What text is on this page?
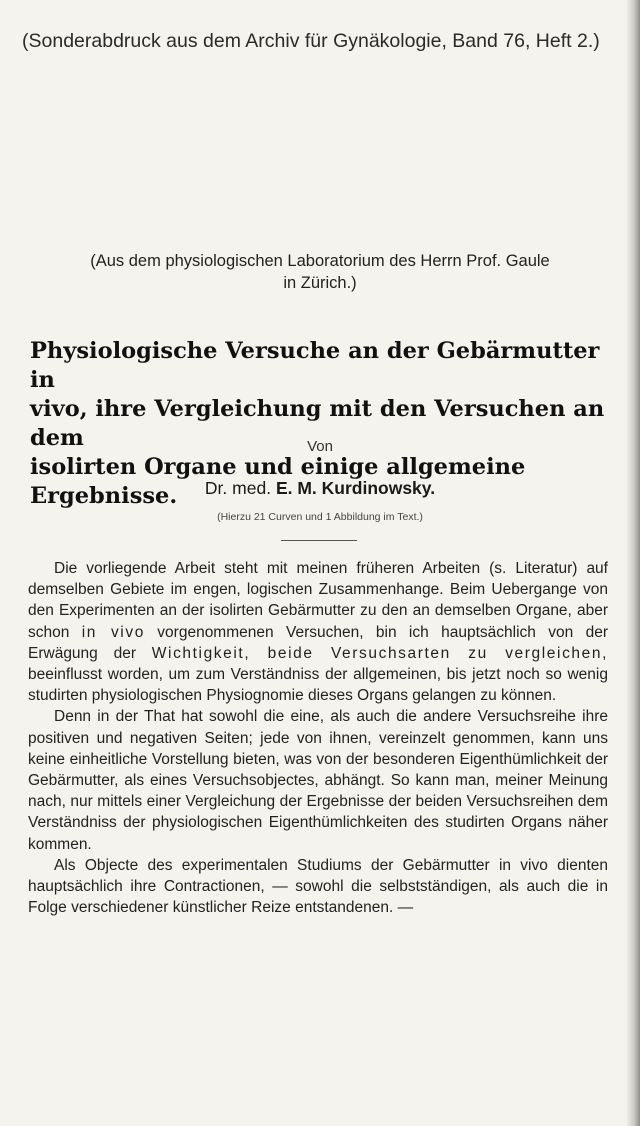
(Sonderabdruck aus dem Archiv für Gynäkologie, Band 76, Heft 2.)
(Aus dem physiologischen Laboratorium des Herrn Prof. Gaule
in Zürich.)
Physiologische Versuche an der Gebärmutter in
vivo, ihre Vergleichung mit den Versuchen an dem
isolirten Organe und einige allgemeine Ergebnisse.
Von
Dr. med. E. M. Kurdinowsky.
(Hierzu 21 Curven und 1 Abbildung im Text.)

Die vorliegende Arbeit steht mit meinen früheren Arbeiten (s. Literatur) auf demselben Gebiete im engen, logischen Zusammenhange. Beim Uebergange von den Experimenten an der isolirten Gebärmutter zu den an demselben Organe, aber schon in vivo vorgenommenen Versuchen, bin ich hauptsächlich von der Erwägung der Wichtigkeit, beide Versuchsarten zu vergleichen, beeinflusst worden, um zum Verständniss der allgemeinen, bis jetzt noch so wenig studirten physiologischen Physiognomie dieses Organs gelangen zu können.

Denn in der That hat sowohl die eine, als auch die andere Versuchsreihe ihre positiven und negativen Seiten; jede von ihnen, vereinzelt genommen, kann uns keine einheitliche Vorstellung bieten, was von der besonderen Eigenthümlichkeit der Gebärmutter, als eines Versuchsobjectes, abhängt. So kann man, meiner Meinung nach, nur mittels einer Vergleichung der Ergebnisse der beiden Versuchsreihen dem Verständniss der physiologischen Eigenthümlichkeiten des studirten Organs näher kommen.

Als Objecte des experimentalen Studiums der Gebärmutter in vivo dienten hauptsächlich ihre Contractionen, — sowohl die selbstständigen, als auch die in Folge verschiedener künstlicher Reize entstandenen. —
